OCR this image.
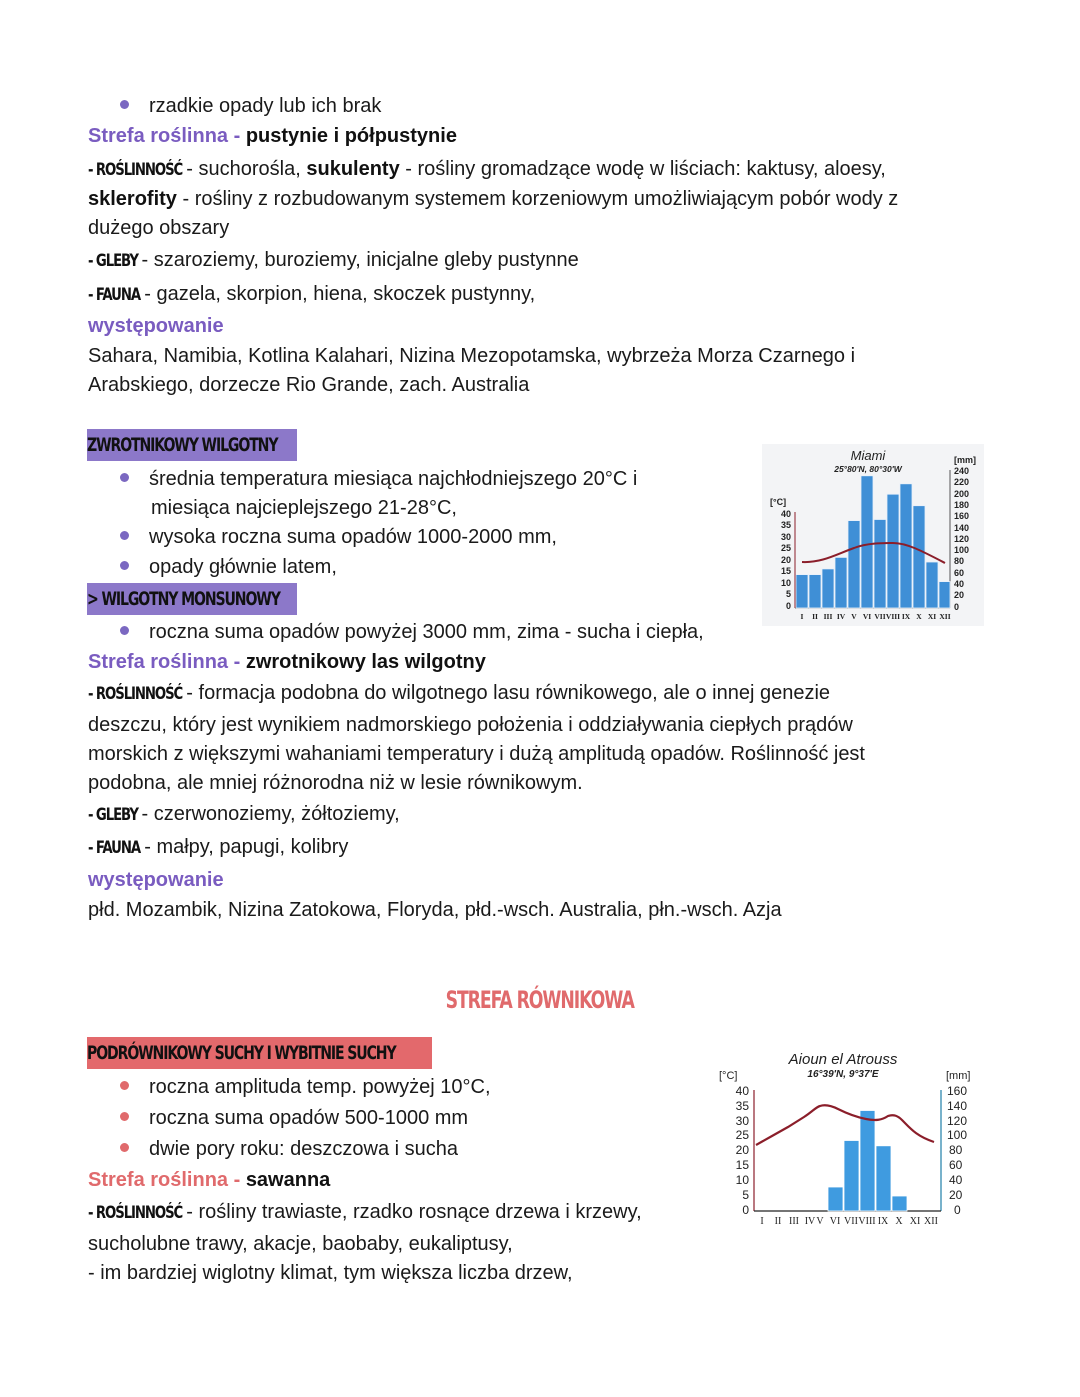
rzadkie opady lub ich brak
Strefa roślinna - pustynie i półpustynie
- ROŚLINNOŚĆ - suchorośla, sukulenty - rośliny gromadzące wodę w liściach: kaktusy, aloesy,
sklerofity - rośliny z rozbudowanym systemem korzeniowym umożliwiającym pobór wody z
dużego obszary
- GLEBY - szaroziemy, buroziemy, inicjalne gleby pustynne
- FAUNA - gazela, skorpion, hiena, skoczek pustynny,
występowanie
Sahara, Namibia, Kotlina Kalahari, Nizina Mezopotamska, wybrzeża Morza Czarnego i
Arabskiego, dorzecze Rio Grande, zach. Australia
ZWROTNIKOWY WILGOTNY
średnia temperatura miesiąca najchłodniejszego 20°C i
miesiąca najcieplejszego 21-28°C,
wysoka roczna suma opadów 1000-2000 mm,
opady głównie latem,
> WILGOTNY MONSUNOWY
roczna suma opadów powyżej 3000 mm, zima - sucha i ciepła,
Strefa roślinna - zwrotnikowy las wilgotny
- ROŚLINNOŚĆ - formacja podobna do wilgotnego lasu równikowego, ale o innej genezie
deszczu, który jest wynikiem nadmorskiego położenia i oddziaływania ciepłych prądów
morskich z większymi wahaniami temperatury i dużą amplitudą opadów. Roślinność jest
podobna, ale mniej różnorodna niż w lesie równikowym.
- GLEBY - czerwonoziemy, żółtoziemy,
- FAUNA - małpy, papugi, kolibry
występowanie
płd. Mozambik, Nizina Zatokowa, Floryda, płd.-wsch. Australia, płn.-wsch. Azja
Miami
25°80'N, 80°30'W
[°C]
[mm]
40
35
30
25
20
15
10
5
0
240
220
200
180
160
140
120
100
80
60
40
20
0
I II III IV V VI VII VIII IX X XI XII
STREFA RÓWNIKOWA
PODRÓWNIKOWY SUCHY I WYBITNIE SUCHY
roczna amplituda temp. powyżej 10°C,
roczna suma opadów 500-1000 mm
dwie pory roku: deszczowa i sucha
Strefa roślinna - sawanna
- ROŚLINNOŚĆ - rośliny trawiaste, rzadko rosnące drzewa i krzewy,
sucholubne trawy, akacje, baobaby, eukaliptusy,
- im bardziej wiglotny klimat, tym większa liczba drzew,
Aioun el Atrouss
16°39'N, 9°37'E
[°C]	[mm]
40
35
30
25
20
15
10
5
0
160
140
120
100
80
60
40
20
0
I II III IV V VI VII VIII IX X XI XII
